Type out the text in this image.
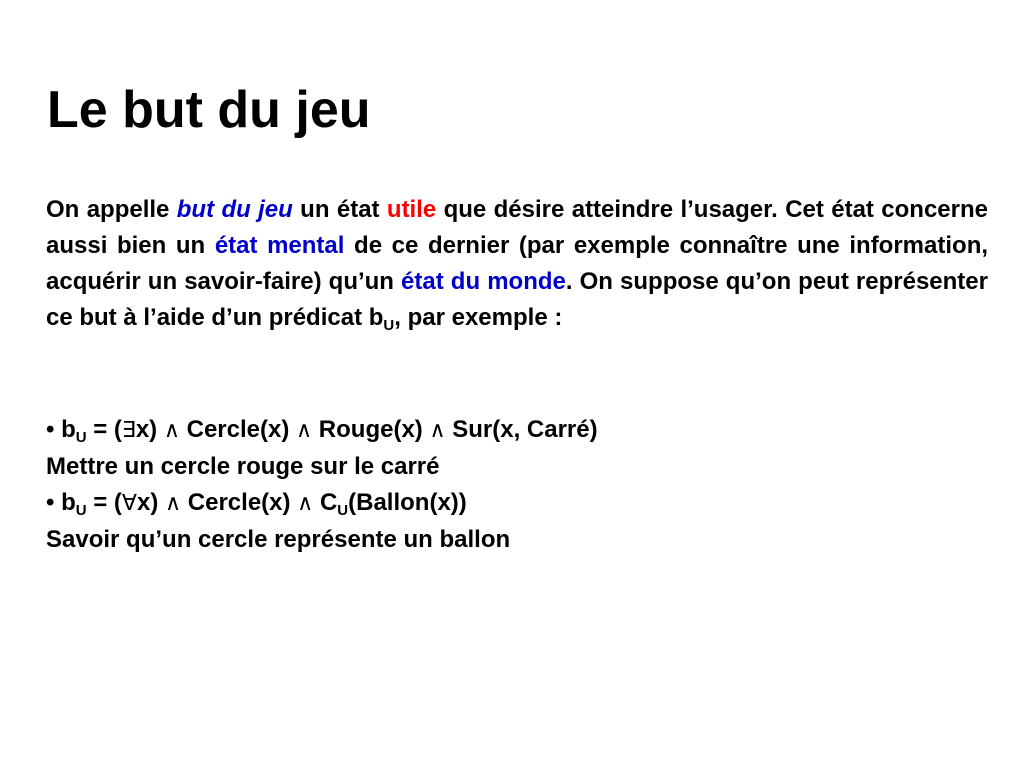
Le but du jeu

On appelle but du jeu un état utile que désire atteindre l’usager. Cet état concerne aussi bien un état mental de ce dernier (par exemple connaître une information, acquérir un savoir-faire) qu’un état du monde. On suppose qu’on peut représenter ce but à l’aide d’un prédicat $b_U$, par exemple :

• $b_U$ = (∃x) ∧ Cercle(x) ∧ Rouge(x) ∧ Sur(x, Carré)
Mettre un cercle rouge sur le carré
• $b_U$ = (∀x) ∧ Cercle(x) ∧ $C_U(Ballon(x))$
Savoir qu’un cercle représente un ballon
